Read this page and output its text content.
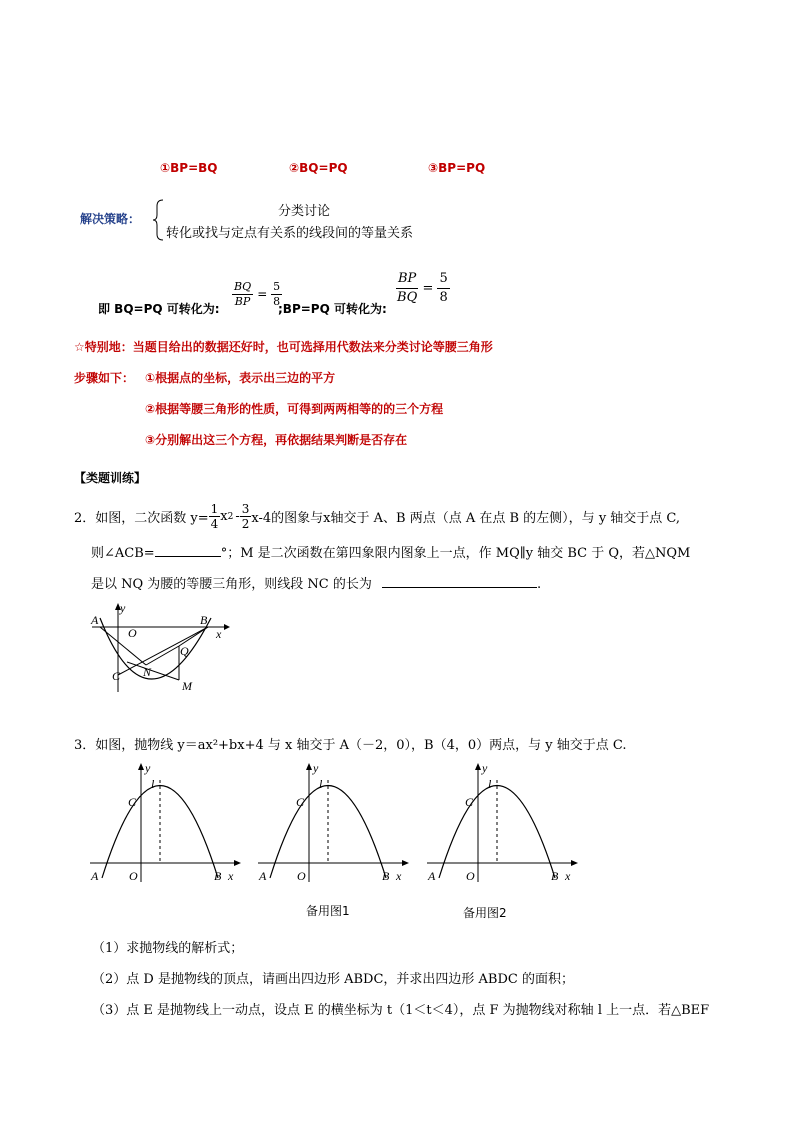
①BP=BQ	②BQ=PQ	③BP=PQ
解决策略：	分类讨论
转化或找与定点有关系的线段间的等量关系
即 BQ=PQ 可转化为: $\frac{BQ}{BP} = \frac{5}{8}$
;BP=PQ 可转化为:
$\frac{BP}{BQ} = \frac{5}{8}$
☆特别地：当题目给出的数据还好时，也可选择用代数法来分类讨论等腰三角形
步骤如下： ①根据点的坐标，表示出三边的平方
②根据等腰三角形的性质，可得到两两相等的的三个方程
③分别解出这三个方程，再依据结果判断是否存在
【类题训练】
2．如图，二次函数 $y= \frac{1}{4}$ x $2 - \frac{3}{2} x-4$的图象与x轴交于 A、B 两点（点 A 在点 B 的左侧），与 y 轴交于点 C,
则∠ACB=	°；M 是二次函数在第四象限内图象上一点，作 MQ∥y 轴交 BC 于 Q，若△NQM
是以 NQ 为腰的等腰三角形，则线段 NC 的长为	.
A	B
O
y
x
Q
N
C
M
3．如图，抛物线 y＝ax²+bx+4 与 x 轴交于 A（－2，0），B（4，0）两点，与 y 轴交于点 C.
A	O	B x
y
C
l
A	O	B x
y
C
l
A	O	B x
y
C
l
备用图1	备用图2
（1）求抛物线的解析式；
（2）点 D 是抛物线的顶点，请画出四边形 ABDC，并求出四边形 ABDC 的面积；
（3）点 E 是抛物线上一动点，设点 E 的横坐标为 t（1＜t＜4），点 F 为抛物线对称轴 l 上一点．若△BEF
